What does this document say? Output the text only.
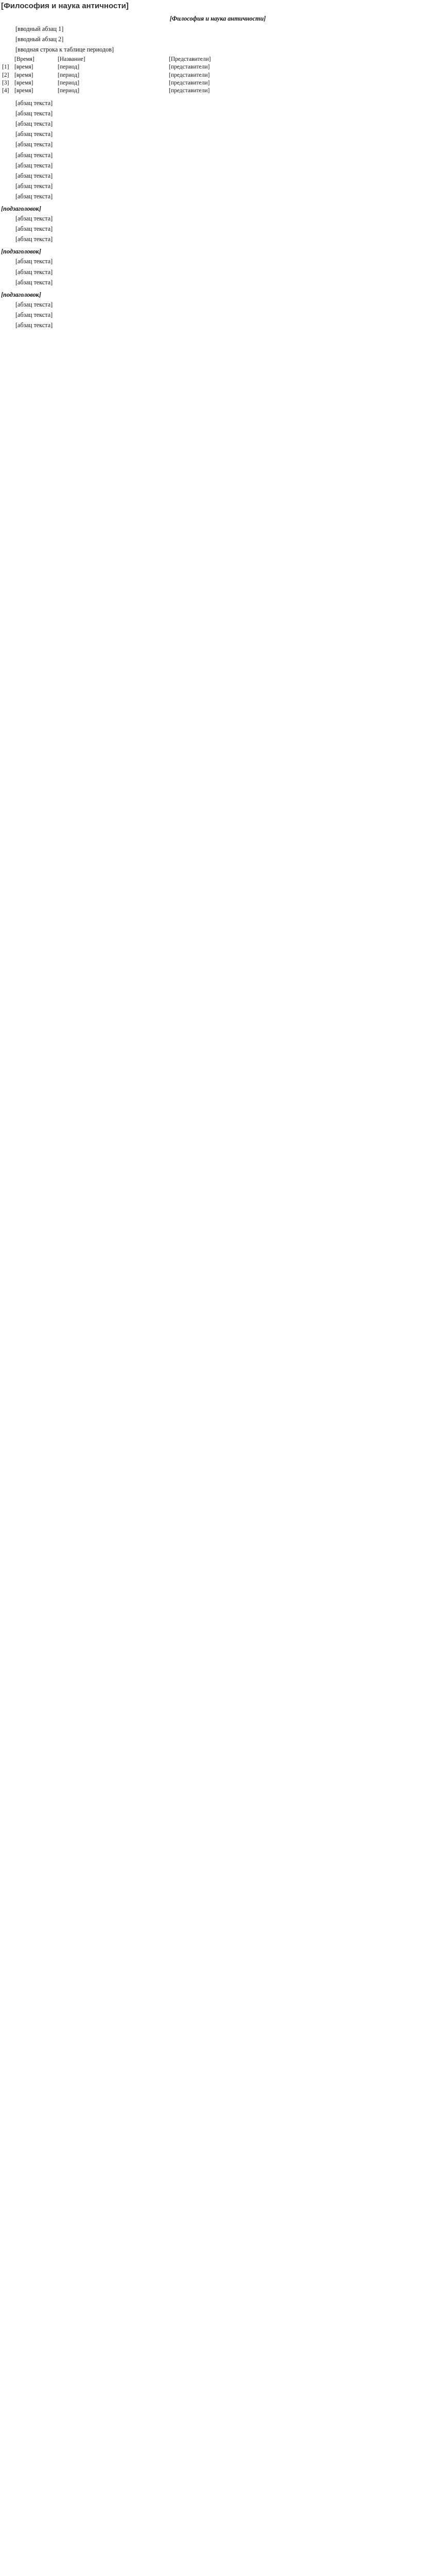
[Философия и наука античности]
[Философия и наука античности]

[вводный абзац 1]

[вводный абзац 2]

[вводная строка к таблице периодов]

	[Время]	[Название]	[Представители]
[1]	[время]	[период]	[представители]
[2]	[время]	[период]	[представители]
[3]	[время]	[период]	[представители]
[4]	[время]	[период]	[представители]

[абзац текста]

[абзац текста]

[абзац текста]

[абзац текста]

[абзац текста]

[абзац текста]

[абзац текста]

[абзац текста]

[абзац текста]

[абзац текста]

[подзаголовок]

[абзац текста]

[абзац текста]

[абзац текста]

[подзаголовок]

[абзац текста]

[абзац текста]

[абзац текста]

[подзаголовок]

[абзац текста]

[абзац текста]

[абзац текста]
